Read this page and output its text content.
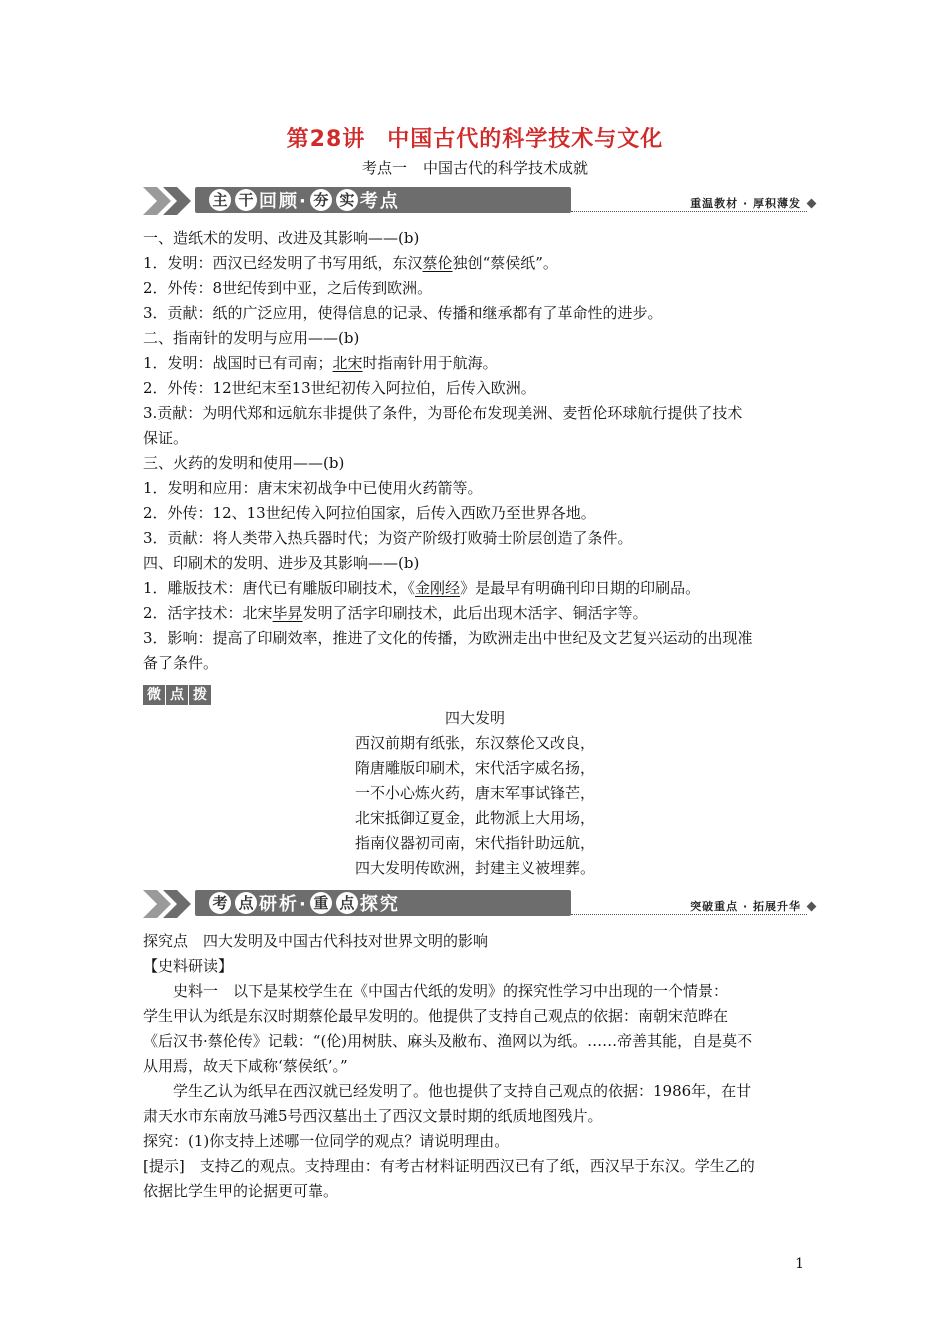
第28讲 中国古代的科学技术与文化
考点一 中国古代的科学技术成就
主 干 回顾· 夯 实 考点	重温教材 · 厚积薄发
一、造纸术的发明、改进及其影响——(b)
1．发明：西汉已经发明了书写用纸，东汉蔡伦独创“蔡侯纸”。
2．外传：8世纪传到中亚，之后传到欧洲。
3．贡献：纸的广泛应用，使得信息的记录、传播和继承都有了革命性的进步。
二、指南针的发明与应用——(b)
1．发明：战国时已有司南；北宋时指南针用于航海。
2．外传：12世纪末至13世纪初传入阿拉伯，后传入欧洲。
3.贡献：为明代郑和远航东非提供了条件，为哥伦布发现美洲、麦哲伦环球航行提供了技术
保证。
三、火药的发明和使用——(b)
1．发明和应用：唐末宋初战争中已使用火药箭等。
2．外传：12、13世纪传入阿拉伯国家，后传入西欧乃至世界各地。
3．贡献：将人类带入热兵器时代；为资产阶级打败骑士阶层创造了条件。
四、印刷术的发明、进步及其影响——(b)
1．雕版技术：唐代已有雕版印刷技术，《金刚经》是最早有明确刊印日期的印刷品。
2．活字技术：北宋毕昇发明了活字印刷技术，此后出现木活字、铜活字等。
3．影响：提高了印刷效率，推进了文化的传播，为欧洲走出中世纪及文艺复兴运动的出现准
备了条件。
微 点 拨
四大发明
西汉前期有纸张，东汉蔡伦又改良，
隋唐雕版印刷术，宋代活字威名扬，
一不小心炼火药，唐末军事试锋芒，
北宋抵御辽夏金，此物派上大用场，
指南仪器初司南，宋代指针助远航，
四大发明传欧洲，封建主义被埋葬。
考 点 研析· 重 点 探究	突破重点 · 拓展升华
探究点　四大发明及中国古代科技对世界文明的影响
【史料研读】
　　史料一　以下是某校学生在《中国古代纸的发明》的探究性学习中出现的一个情景：
学生甲认为纸是东汉时期蔡伦最早发明的。他提供了支持自己观点的依据：南朝宋范晔在
《后汉书·蔡伦传》记载：“(伦)用树肤、麻头及敝布、渔网以为纸。……帝善其能，自是莫不
从用焉，故天下咸称‘蔡侯纸’。”
　　学生乙认为纸早在西汉就已经发明了。他也提供了支持自己观点的依据：1986年，在甘
肃天水市东南放马滩5号西汉墓出土了西汉文景时期的纸质地图残片。
探究：(1)你支持上述哪一位同学的观点？请说明理由。
[提示]　支持乙的观点。支持理由：有考古材料证明西汉已有了纸，西汉早于东汉。学生乙的
依据比学生甲的论据更可靠。
1
